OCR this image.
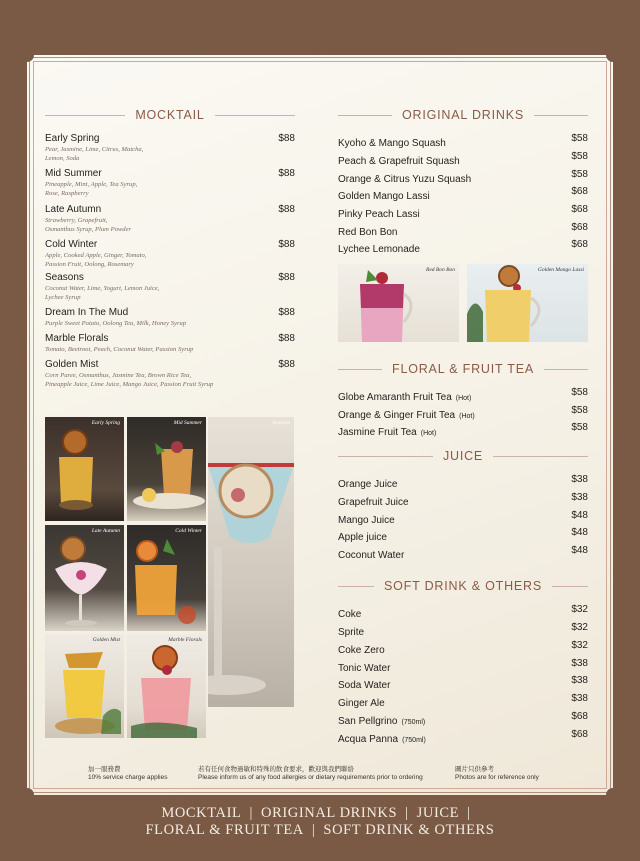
MOCKTAIL
Early Spring	$88
Pear, Jasmine, Lime, Citrus, Matcha,
Lemon, Soda
Mid Summer	$88
Pineapple, Mint, Apple, Tea Syrup,
Rose, Raspberry
Late Autumn	$88
Strawberry, Grapefruit,
Osmanthus Syrup, Plum Powder
Cold Winter	$88
Apple, Cooked Apple, Ginger, Tomato,
Passion Fruit, Oolong, Rosemary
Seasons	$88
Coconut Water, Lime, Yogurt, Lemon Juice,
Lychee Syrup
Dream In The Mud	$88
Purple Sweet Potato, Oolong Tea, Milk, Honey Syrup
Marble Florals	$88
Tomato, Beetroot, Peach, Coconut Water, Passion Syrup
Golden Mist	$88
Corn Puree, Osmanthus, Jasmine Tea, Brown Rice Tea,
Pineapple Juice, Lime Juice, Mango Juice, Passion Fruit Syrup
Early Spring	Mid Summer	Seasons
Late Autumn	Cold Winter
Golden Mist	Marble Florals
ORIGINAL DRINKS
Kyoho & Mango Squash	$58
Peach & Grapefruit Squash	$58
Orange & Citrus Yuzu Squash	$58
Golden Mango Lassi	$68
Pinky Peach Lassi	$68
Red Bon Bon	$68
Lychee Lemonade	$68
Red Bon Bon	Golden Mango Lassi
FLORAL & FRUIT TEA
Globe Amaranth Fruit Tea (Hot)
$58
Orange & Ginger Fruit Tea (Hot)
$58
Jasmine Fruit Tea (Hot)
$58
JUICE
Orange Juice	$38
Grapefruit Juice	$38
Mango Juice	$48
Apple juice	$48
Coconut Water	$48
SOFT DRINK & OTHERS
Coke	$32
Sprite	$32
Coke Zero	$32
Tonic Water	$38
Soda Water	$38
Ginger Ale	$38
San Pellgrino (750ml)
$68
Acqua Panna (750ml)
$68
加一服務費
10% service charge applies
若有任何食物過敏和特殊的飲食要求，歡迎與我們聯絡
Please inform us of any food allergies or dietary requirements prior to ordering
圖片只供參考
Photos are for reference only
MOCKTAIL | ORIGINAL DRINKS | JUICE |
FLORAL & FRUIT TEA | SOFT DRINK & OTHERS
